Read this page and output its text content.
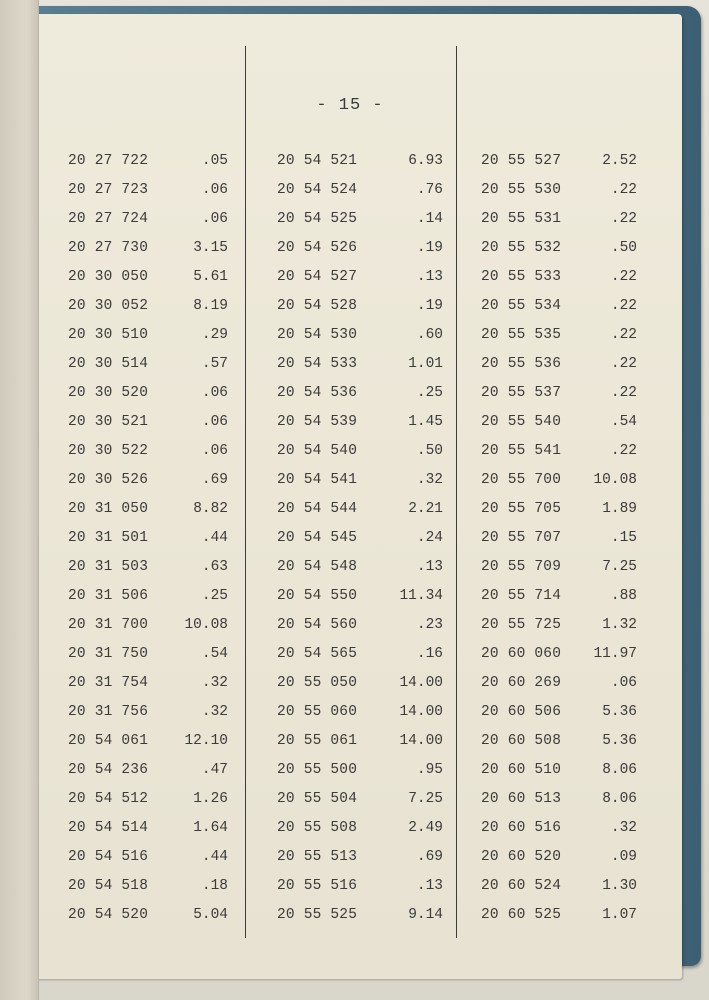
- 15 -
20 27 722	.05
20 27 723	.06
20 27 724	.06
20 27 730	3.15
20 30 050	5.61
20 30 052	8.19
20 30 510	.29
20 30 514	.57
20 30 520	.06
20 30 521	.06
20 30 522	.06
20 30 526	.69
20 31 050	8.82
20 31 501	.44
20 31 503	.63
20 31 506	.25
20 31 700	10.08
20 31 750	.54
20 31 754	.32
20 31 756	.32
20 54 061	12.10
20 54 236	.47
20 54 512	1.26
20 54 514	1.64
20 54 516	.44
20 54 518	.18
20 54 520	5.04
20 54 521	6.93
20 54 524	.76
20 54 525	.14
20 54 526	.19
20 54 527	.13
20 54 528	.19
20 54 530	.60
20 54 533	1.01
20 54 536	.25
20 54 539	1.45
20 54 540	.50
20 54 541	.32
20 54 544	2.21
20 54 545	.24
20 54 548	.13
20 54 550	11.34
20 54 560	.23
20 54 565	.16
20 55 050	14.00
20 55 060	14.00
20 55 061	14.00
20 55 500	.95
20 55 504	7.25
20 55 508	2.49
20 55 513	.69
20 55 516	.13
20 55 525	9.14
20 55 527	2.52
20 55 530	.22
20 55 531	.22
20 55 532	.50
20 55 533	.22
20 55 534	.22
20 55 535	.22
20 55 536	.22
20 55 537	.22
20 55 540	.54
20 55 541	.22
20 55 700 10.08
20 55 705	1.89
20 55 707	.15
20 55 709	7.25
20 55 714	.88
20 55 725	1.32
20 60 060 11.97
20 60 269	.06
20 60 506	5.36
20 60 508	5.36
20 60 510	8.06
20 60 513	8.06
20 60 516	.32
20 60 520	.09
20 60 524	1.30
20 60 525	1.07
